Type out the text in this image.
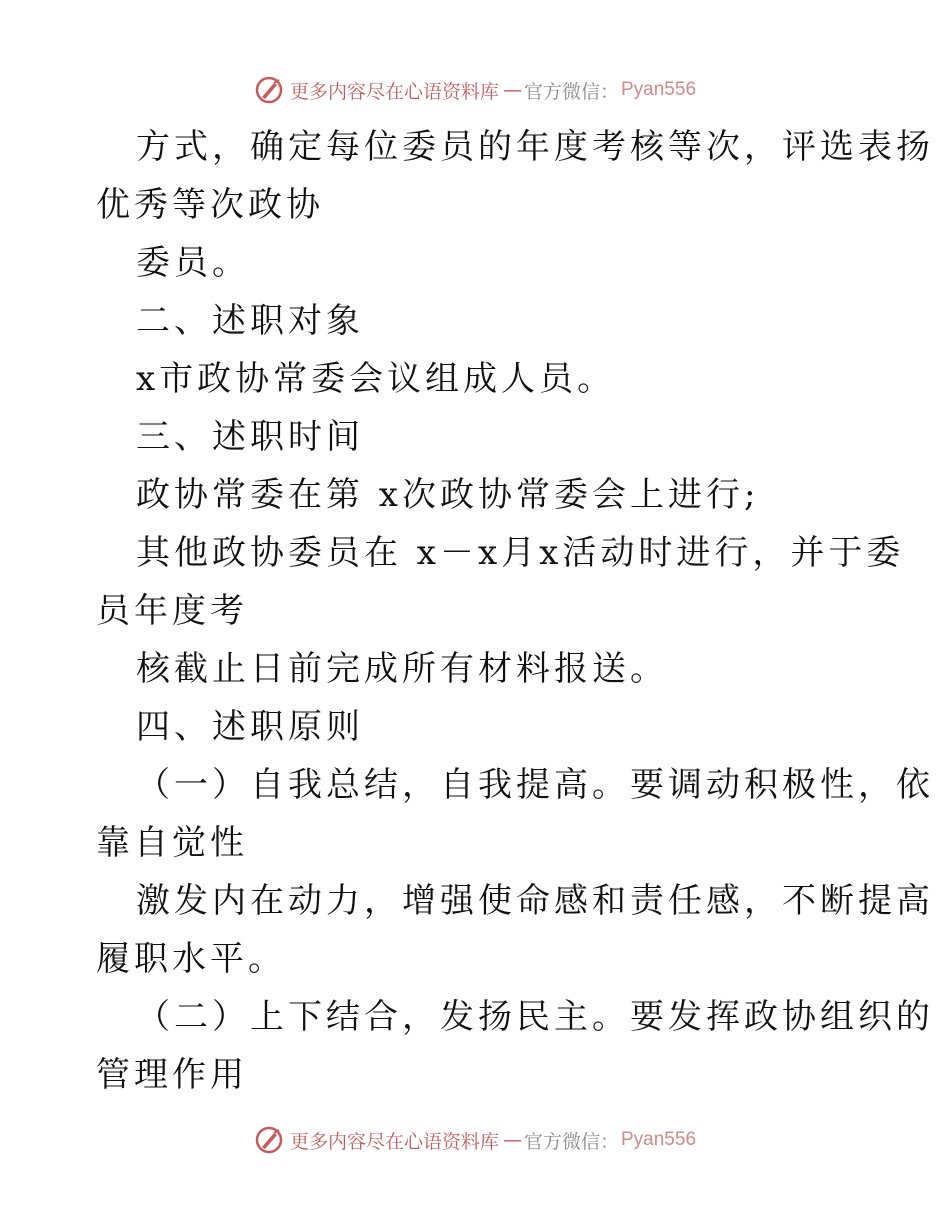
更多内容尽在心语资料库 — 官方微信： Pyan556
方式，确定每位委员的年度考核等次，评选表扬
优秀等次政协
委员。
二、述职对象
x市政协常委会议组成人员。
三、述职时间
政协常委在第 x次政协常委会上进行;
其他政协委员在 x－x月x活动时进行，并于委
员年度考
核截止日前完成所有材料报送。
四、述职原则
（一）自我总结，自我提高。要调动积极性，依
靠自觉性
激发内在动力，增强使命感和责任感，不断提高
履职水平。
（二）上下结合，发扬民主。要发挥政协组织的
管理作用
更多内容尽在心语资料库 — 官方微信： Pyan556
